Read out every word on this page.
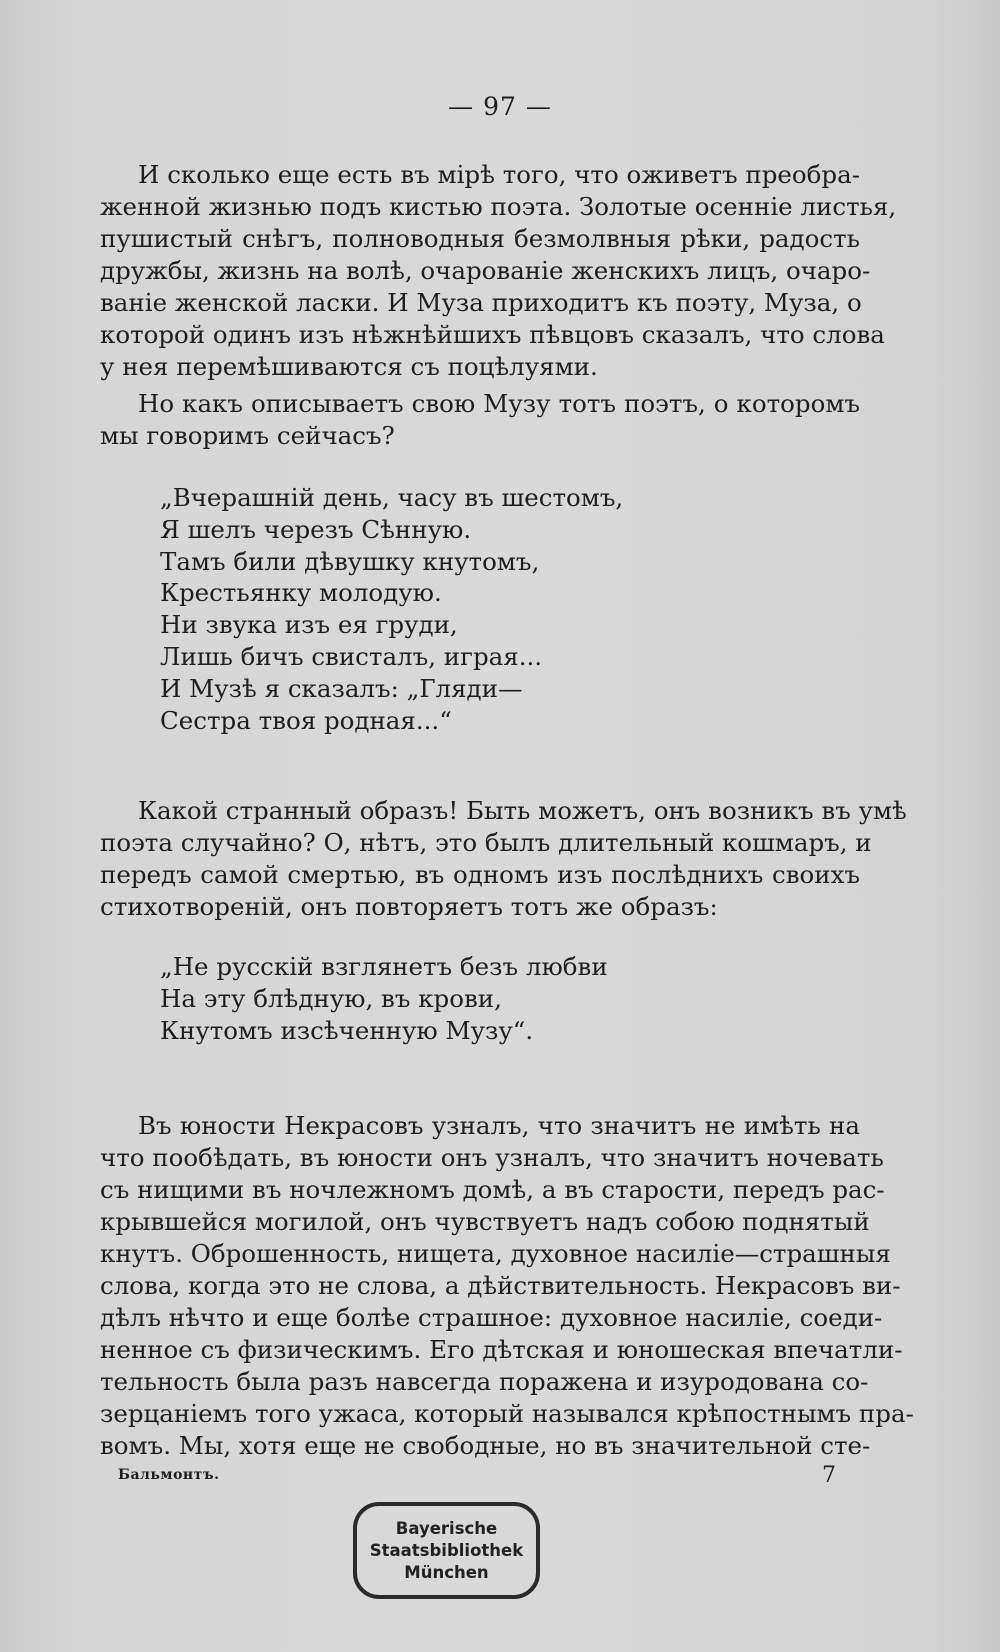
— 97 —
И сколько еще есть въ мірѣ того, что оживетъ преобра-
женной жизнью подъ кистью поэта. Золотые осенніе листья,
пушистый снѣгъ, полноводныя безмолвныя рѣки, радость
дружбы, жизнь на волѣ, очарованіе женскихъ лицъ, очаро-
ваніе женской ласки. И Муза приходитъ къ поэту, Муза, о
которой одинъ изъ нѣжнѣйшихъ пѣвцовъ сказалъ, что слова
у нея перемѣшиваются съ поцѣлуями.
Но какъ описываетъ свою Музу тотъ поэтъ, о которомъ
мы говоримъ сейчасъ?
„Вчерашній день, часу въ шестомъ,
Я шелъ черезъ Сѣнную.
Тамъ били дѣвушку кнутомъ,
Крестьянку молодую.
Ни звука изъ ея груди,
Лишь бичъ свисталъ, играя...
И Музѣ я сказалъ: „Гляди—
Сестра твоя родная...“
Какой странный образъ! Быть можетъ, онъ возникъ въ умѣ
поэта случайно? О, нѣтъ, это былъ длительный кошмаръ, и
передъ самой смертью, въ одномъ изъ послѣднихъ своихъ
стихотвореній, онъ повторяетъ тотъ же образъ:
„Не русскій взглянетъ безъ любви
На эту блѣдную, въ крови,
Кнутомъ изсѣченную Музу“.
Въ юности Некрасовъ узналъ, что значитъ не имѣть на
что пообѣдать, въ юности онъ узналъ, что значитъ ночевать
съ нищими въ ночлежномъ домѣ, а въ старости, передъ рас-
крывшейся могилой, онъ чувствуетъ надъ собою поднятый
кнутъ. Оброшенность, нищета, духовное насиліе—страшныя
слова, когда это не слова, а дѣйствительность. Некрасовъ ви-
дѣлъ нѣчто и еще болѣе страшное: духовное насиліе, соеди-
ненное съ физическимъ. Его дѣтская и юношеская впечатли-
тельность была разъ навсегда поражена и изуродована со-
зерцаніемъ того ужаса, который назывался крѣпостнымъ пра-
вомъ. Мы, хотя еще не свободные, но въ значительной сте-
Бальмонтъ.	7
Bayerische
Staatsbibliothek
München
